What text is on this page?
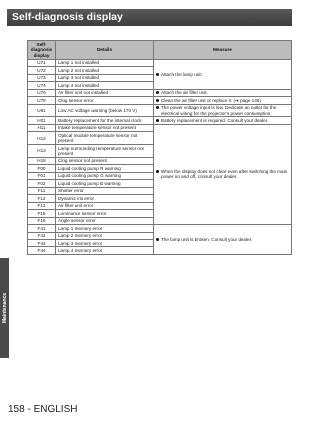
Self-diagnosis display
Maintenance
Self-diagnosis display	Details	Measure
U71	Lamp 1 not installed	Attach the lamp unit.

U72	Lamp 2 not installed	
U73	Lamp 3 not installed	
U74	Lamp 4 not installed	
U76	Air filter unit not installed	Attach the air filter unit.

U78	Clog sensor error	Clean the air filter unit or replace it. (➔ page 148)

U81	Low AC voltage warning (below 170 V)	The power voltage input is low. Dedicate an outlet for the electrical wiring for the projector’s power consumption.

H01	Battery replacement for the internal clock	Battery replacement is required. Consult your dealer.

H11	Intake temperature sensor not present	When the display does not clear even after switching the main power on and off, consult your dealer.

H12	Optical module temperature sensor not present	
H13	Lamp surrounding temperature sensor not present	
H18	Clog sensor not present	
F00	Liquid cooling pump R warning	
F01	Liquid cooling pump G warning	
F02	Liquid cooling pump B warning	
F11	Shutter error	
F12	Dynamic iris error	
F13	Air filter unit error	
F15	Luminance sensor error	
F16	Angle sensor error	
F41	Lamp 1 memory error	The lamp unit is broken. Consult your dealer.

F42	Lamp 2 memory error	
F43	Lamp 3 memory error	
F44	Lamp 4 memory error	
158 - ENGLISH
